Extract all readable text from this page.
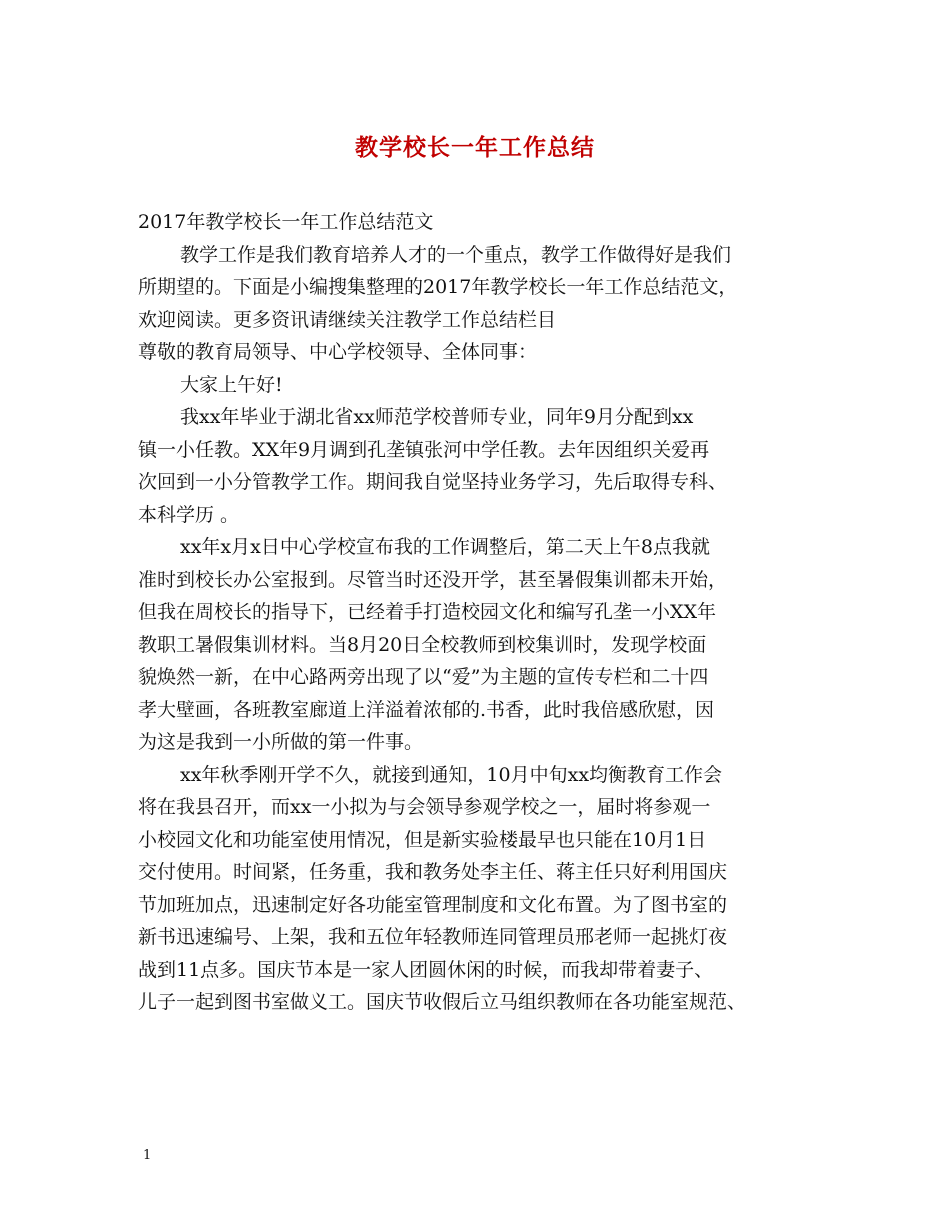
教学校长一年工作总结
2017年教学校长一年工作总结范文
教学工作是我们教育培养人才的一个重点，教学工作做得好是我们
所期望的。下面是小编搜集整理的2017年教学校长一年工作总结范文，
欢迎阅读。更多资讯请继续关注教学工作总结栏目
尊敬的教育局领导、中心学校领导、全体同事：
大家上午好!
我xx年毕业于湖北省xx师范学校普师专业，同年9月分配到xx
镇一小任教。XX年9月调到孔垄镇张河中学任教。去年因组织关爱再
次回到一小分管教学工作。期间我自觉坚持业务学习，先后取得专科、
本科学历 。
xx年x月x日中心学校宣布我的工作调整后，第二天上午8点我就
准时到校长办公室报到。尽管当时还没开学，甚至暑假集训都未开始，
但我在周校长的指导下，已经着手打造校园文化和编写孔垄一小XX年
教职工暑假集训材料。当8月20日全校教师到校集训时，发现学校面
貌焕然一新，在中心路两旁出现了以“爱”为主题的宣传专栏和二十四
孝大壁画，各班教室廊道上洋溢着浓郁的.书香，此时我倍感欣慰，因
为这是我到一小所做的第一件事。
xx年秋季刚开学不久，就接到通知，10月中旬xx均衡教育工作会
将在我县召开，而xx一小拟为与会领导参观学校之一，届时将参观一
小校园文化和功能室使用情况，但是新实验楼最早也只能在10月1日
交付使用。时间紧，任务重，我和教务处李主任、蒋主任只好利用国庆
节加班加点，迅速制定好各功能室管理制度和文化布置。为了图书室的
新书迅速编号、上架，我和五位年轻教师连同管理员邢老师一起挑灯夜
战到11点多。国庆节本是一家人团圆休闲的时候，而我却带着妻子、
儿子一起到图书室做义工。国庆节收假后立马组织教师在各功能室规范、
1
